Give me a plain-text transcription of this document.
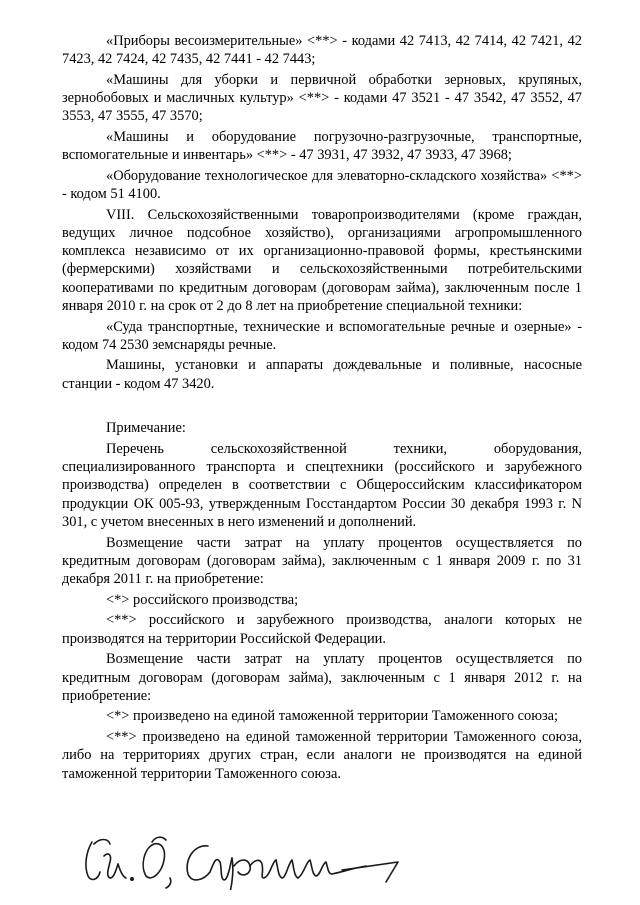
«Приборы весоизмерительные» <**> - кодами 42 7413, 42 7414, 42 7421, 42 7423, 42 7424, 42 7435, 42 7441 - 42 7443;

«Машины для уборки и первичной обработки зерновых, крупяных, зернобобовых и масличных культур» <**> - кодами 47 3521 - 47 3542, 47 3552, 47 3553, 47 3555, 47 3570;

«Машины и оборудование погрузочно-разгрузочные, транспортные, вспомогательные и инвентарь» <**> - 47 3931, 47 3932, 47 3933, 47 3968;

«Оборудование технологическое для элеваторно-складского хозяйства» <**> - кодом 51 4100.

VIII. Сельскохозяйственными товаропроизводителями (кроме граждан, ведущих личное подсобное хозяйство), организациями агропромышленного комплекса независимо от их организационно-правовой формы, крестьянскими (фермерскими) хозяйствами и сельскохозяйственными потребительскими кооперативами по кредитным договорам (договорам займа), заключенным после 1 января 2010 г. на срок от 2 до 8 лет на приобретение специальной техники:

«Суда транспортные, технические и вспомогательные речные и озерные» - кодом 74 2530 земснаряды речные.

Машины, установки и аппараты дождевальные и поливные, насосные станции - кодом 47 3420.

Примечание:

Перечень сельскохозяйственной техники, оборудования, специализированного транспорта и спецтехники (российского и зарубежного производства) определен в соответствии с Общероссийским классификатором продукции ОК 005-93, утвержденным Госстандартом России 30 декабря 1993 г. N 301, с учетом внесенных в него изменений и дополнений.

Возмещение части затрат на уплату процентов осуществляется по кредитным договорам (договорам займа), заключенным с 1 января 2009 г. по 31 декабря 2011 г. на приобретение:

<*> российского производства;

<**> российского и зарубежного производства, аналоги которых не производятся на территории Российской Федерации.

Возмещение части затрат на уплату процентов осуществляется по кредитным договорам (договорам займа), заключенным с 1 января 2012 г. на приобретение:

<*> произведено на единой таможенной территории Таможенного союза;

<**> произведено на единой таможенной территории Таможенного союза, либо на территориях других стран, если аналоги не производятся на единой таможенной территории Таможенного союза.
